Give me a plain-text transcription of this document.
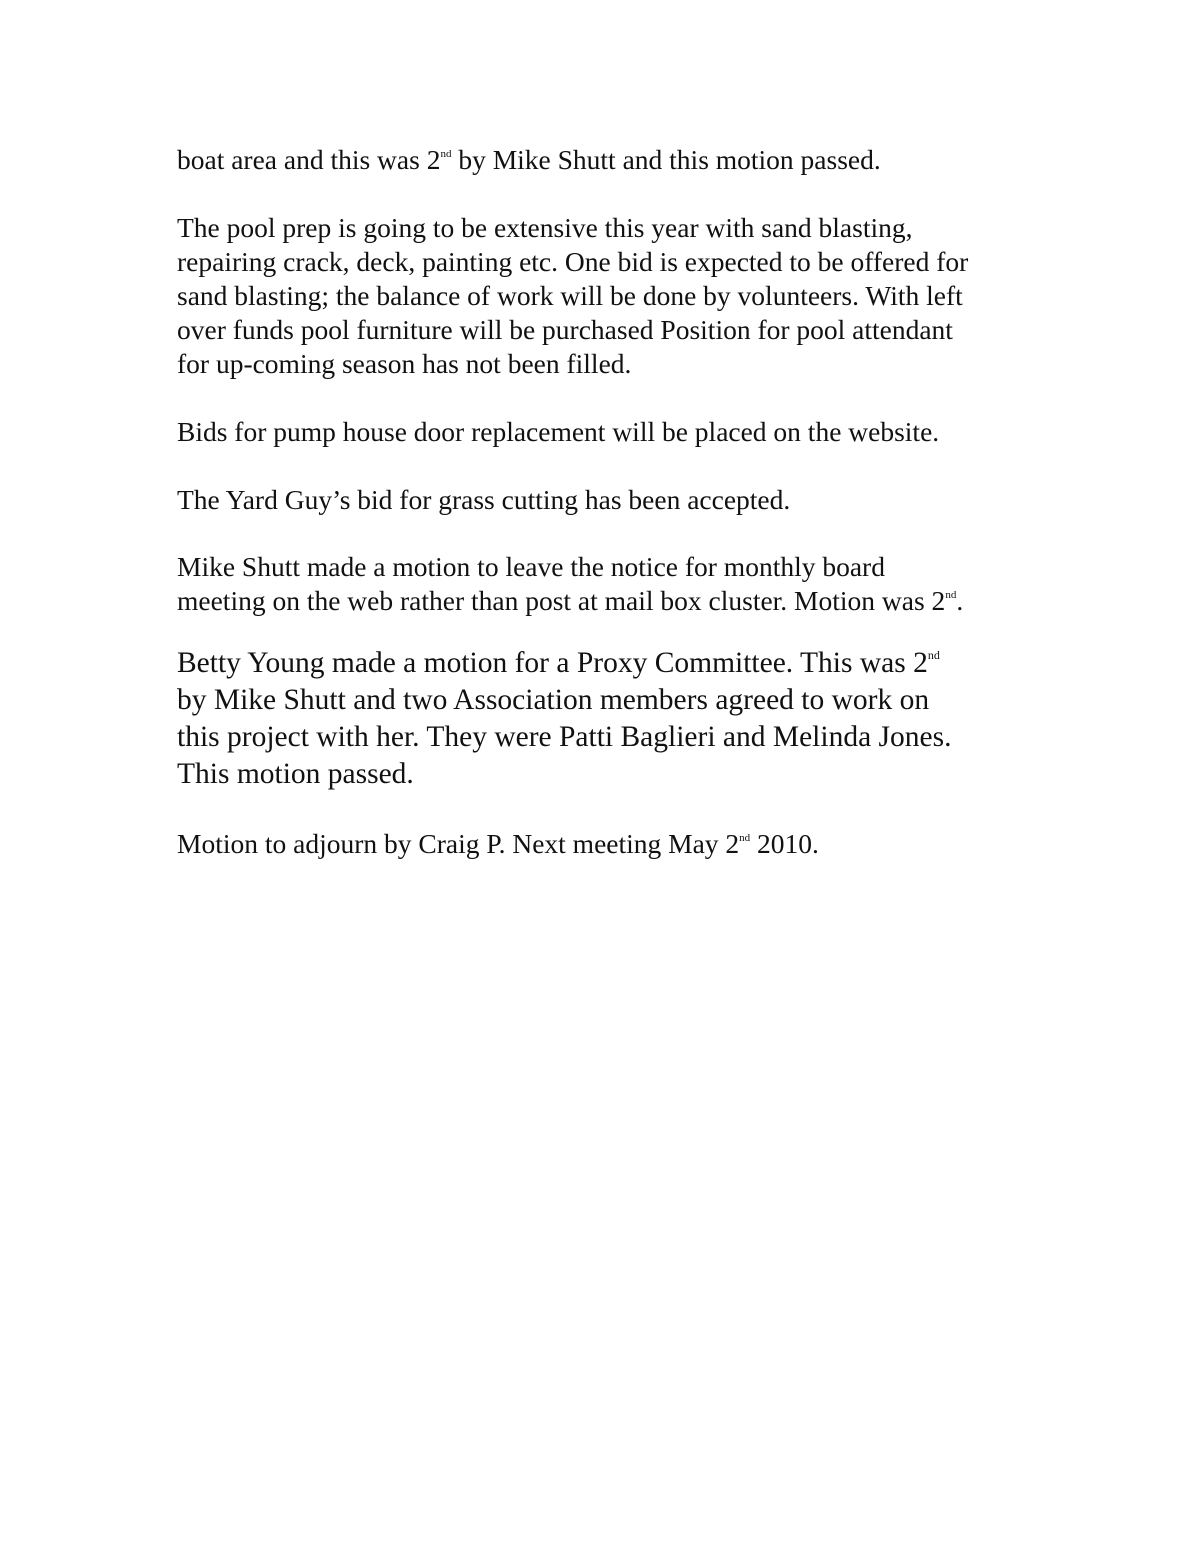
boat area and this was 2nd by Mike Shutt and this motion passed.

The pool prep is going to be extensive this year with sand blasting,
repairing crack, deck, painting etc. One bid is expected to be offered for
sand blasting; the balance of work will be done by volunteers. With left
over funds pool furniture will be purchased Position for pool attendant
for up-coming season has not been filled.

Bids for pump house door replacement will be placed on the website.

The Yard Guy’s bid for grass cutting has been accepted.

Mike Shutt made a motion to leave the notice for monthly board
meeting on the web rather than post at mail box cluster. Motion was 2nd.

Betty Young made a motion for a Proxy Committee. This was 2nd
by Mike Shutt and two Association members agreed to work on
this project with her. They were Patti Baglieri and Melinda Jones.
This motion passed.

Motion to adjourn by Craig P. Next meeting May 2nd 2010.
